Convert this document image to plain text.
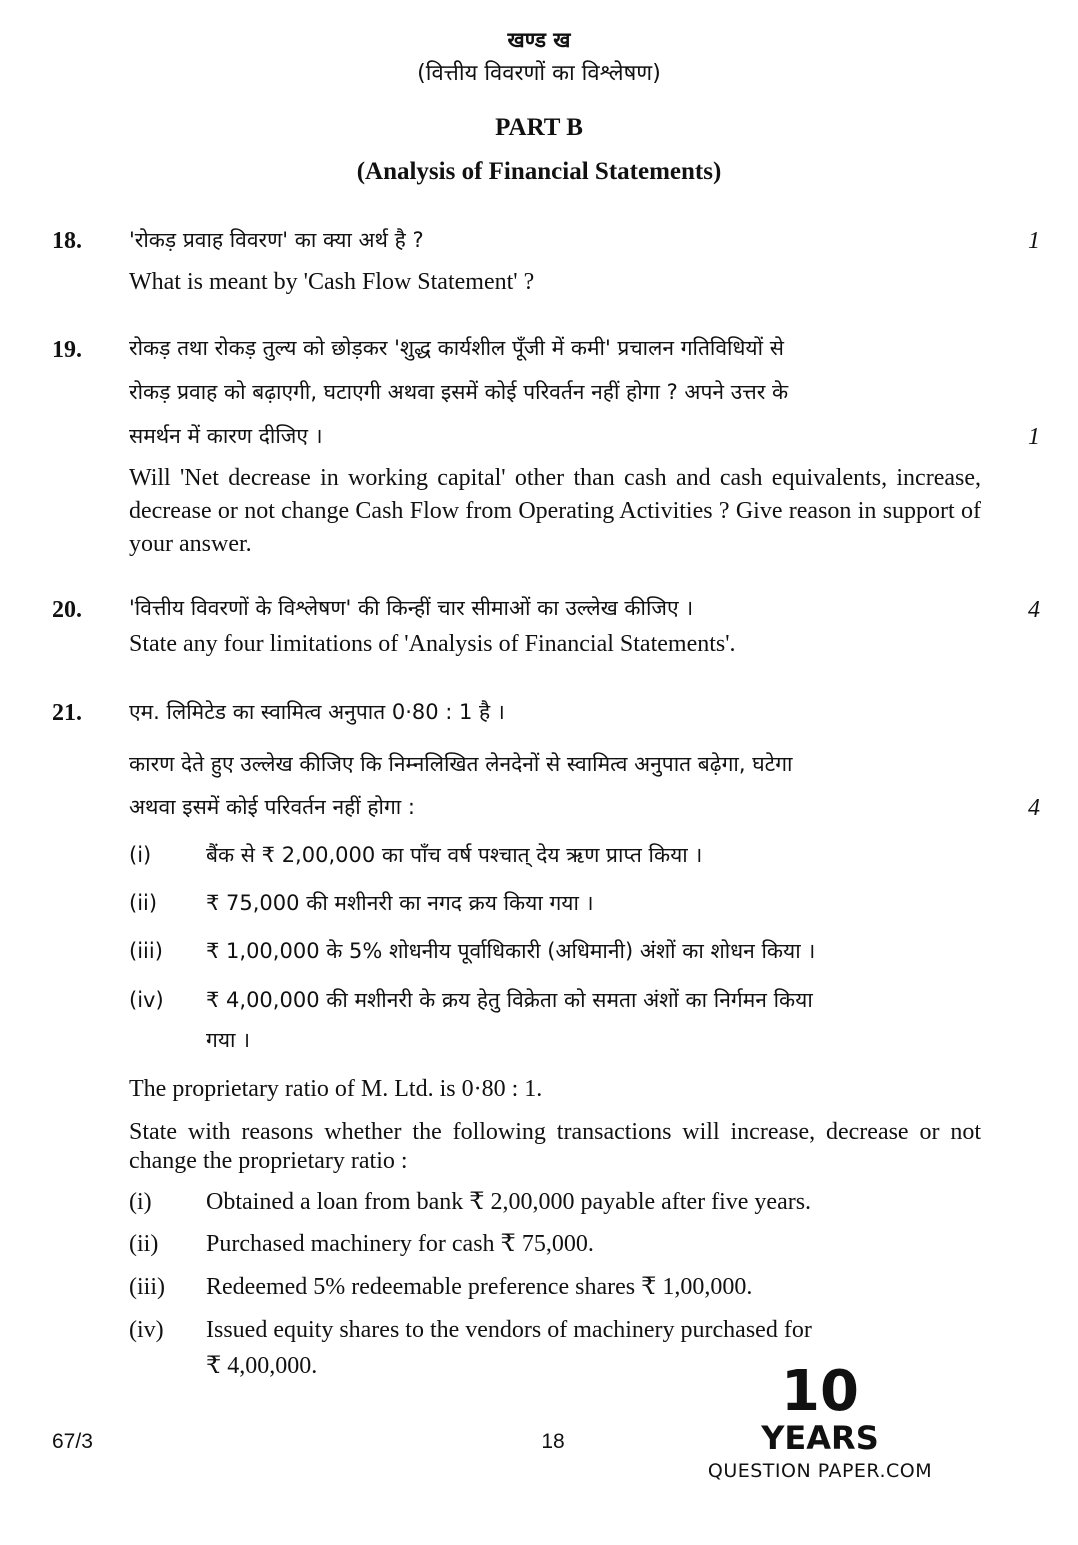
खण्ड ख
(वित्तीय विवरणों का विश्लेषण)
PART B
(Analysis of Financial Statements)
18. 'रोकड़ प्रवाह विवरण' का क्या अर्थ है ?	1
What is meant by 'Cash Flow Statement' ?
19. रोकड़ तथा रोकड़ तुल्य को छोड़कर 'शुद्ध कार्यशील पूँजी में कमी' प्रचालन गतिविधियों से
रोकड़ प्रवाह को बढ़ाएगी, घटाएगी अथवा इसमें कोई परिवर्तन नहीं होगा ? अपने उत्तर के
समर्थन में कारण दीजिए ।	1
Will 'Net decrease in working capital' other than cash and cash equivalents, increase, decrease or not change Cash Flow from Operating Activities ? Give reason in support of your answer.
20. 'वित्तीय विवरणों के विश्लेषण' की किन्हीं चार सीमाओं का उल्लेख कीजिए ।	4
State any four limitations of 'Analysis of Financial Statements'.
21. एम. लिमिटेड का स्वामित्व अनुपात 0·80 : 1 है ।
कारण देते हुए उल्लेख कीजिए कि निम्नलिखित लेनदेनों से स्वामित्व अनुपात बढ़ेगा, घटेगा
अथवा इसमें कोई परिवर्तन नहीं होगा :	4
(i)	बैंक से ₹ 2,00,000 का पाँच वर्ष पश्चात् देय ऋण प्राप्त किया ।
(ii) ₹ 75,000 की मशीनरी का नगद क्रय किया गया ।
(iii) ₹ 1,00,000 के 5% शोधनीय पूर्वाधिकारी (अधिमानी) अंशों का शोधन किया ।
(iv) ₹ 4,00,000 की मशीनरी के क्रय हेतु विक्रेता को समता अंशों का निर्गमन किया
गया ।
The proprietary ratio of M. Ltd. is 0·80 : 1.
State with reasons whether the following transactions will increase, decrease or not change the proprietary ratio :
(i) Obtained a loan from bank ₹ 2,00,000 payable after five years.
(ii) Purchased machinery for cash ₹ 75,000.
(iii) Redeemed 5% redeemable preference shares ₹ 1,00,000.
(iv) Issued equity shares to the vendors of machinery purchased for
₹ 4,00,000.
67/3	18
10
YEARS
QUESTION PAPER.COM
